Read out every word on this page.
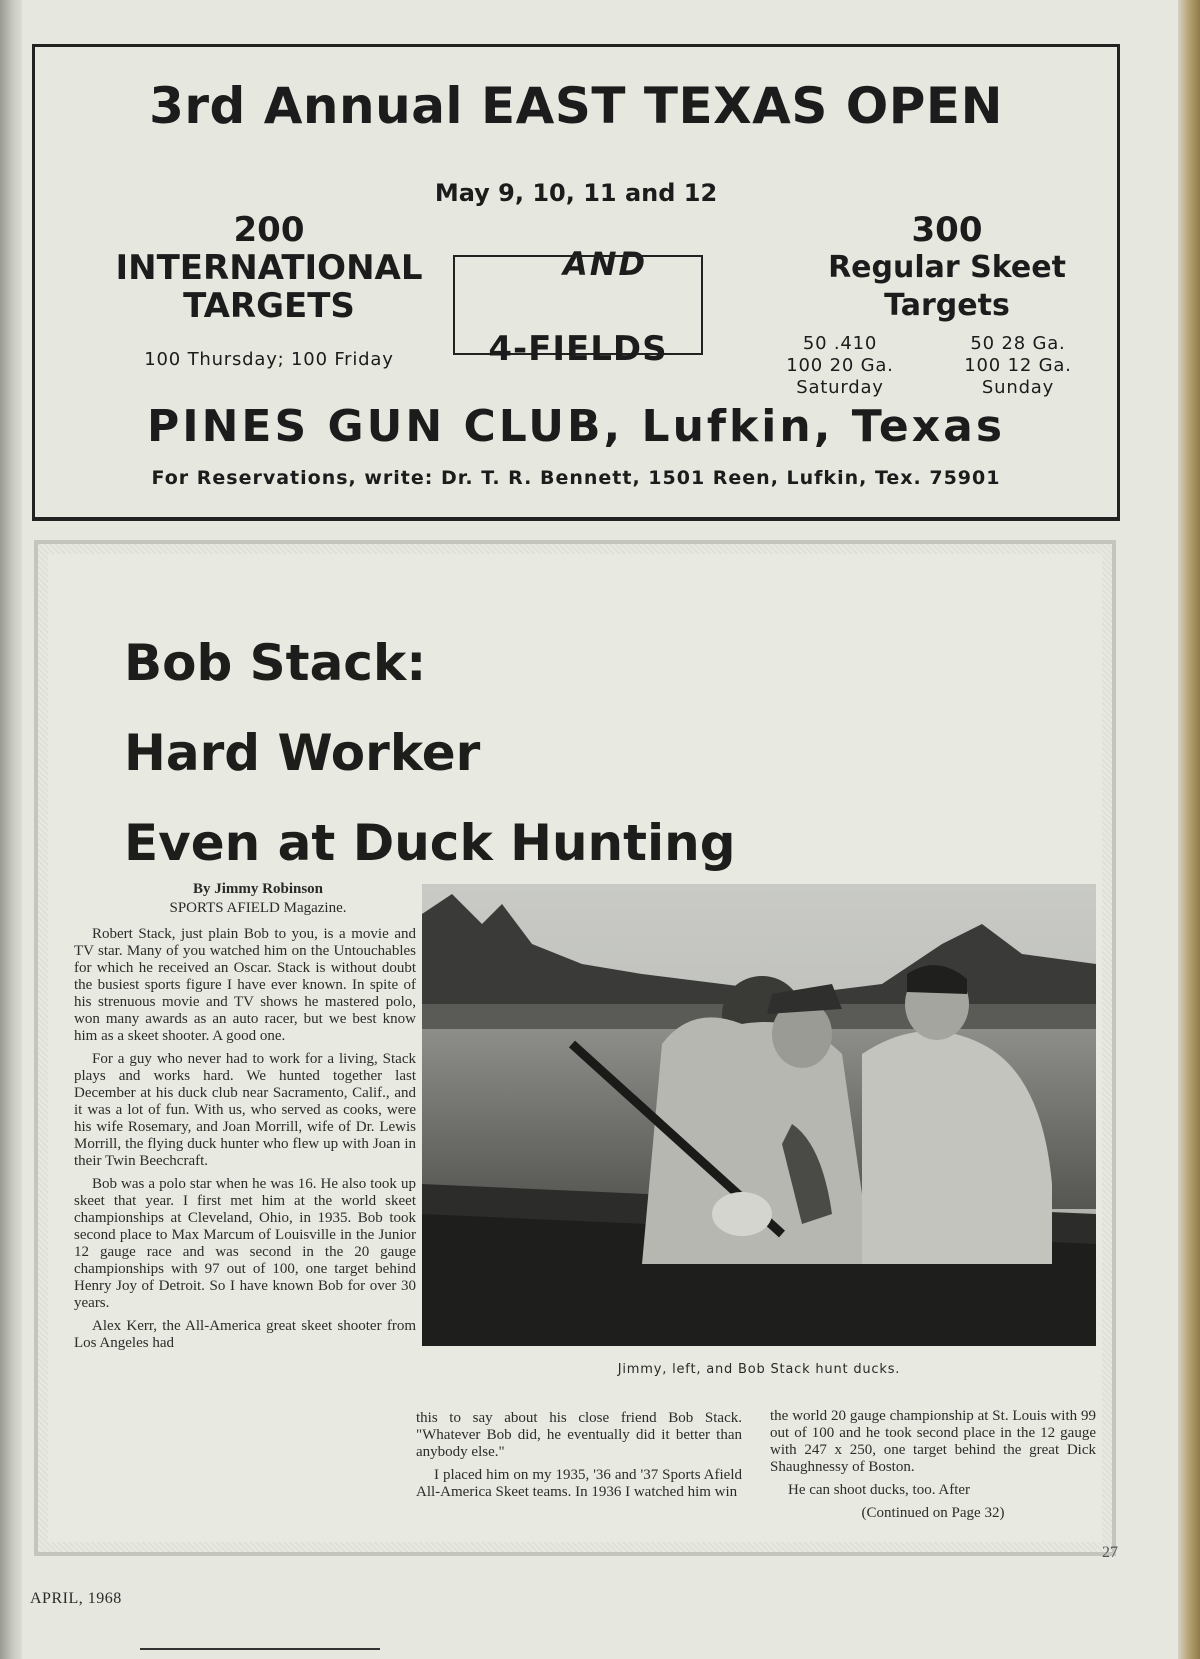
3rd Annual EAST TEXAS OPEN
May 9, 10, 11 and 12
200
INTERNATIONAL
TARGETS
100 Thursday; 100 Friday
AND
4-FIELDS
300
Regular Skeet
Targets
50 .410
100 20 Ga.
Saturday
50 28 Ga.
100 12 Ga.
Sunday
PINES GUN CLUB, Lufkin, Texas
For Reservations, write: Dr. T. R. Bennett, 1501 Reen, Lufkin, Tex. 75901
Bob Stack:
Hard Worker
Even at Duck Hunting
By Jimmy Robinson
SPORTS AFIELD Magazine.

Robert Stack, just plain Bob to you, is a movie and TV star. Many of you watched him on the Untouchables for which he received an Oscar. Stack is without doubt the busiest sports figure I have ever known. In spite of his strenuous movie and TV shows he mastered polo, won many awards as an auto racer, but we best know him as a skeet shooter. A good one.

For a guy who never had to work for a living, Stack plays and works hard. We hunted together last December at his duck club near Sacramento, Calif., and it was a lot of fun. With us, who served as cooks, were his wife Rosemary, and Joan Morrill, wife of Dr. Lewis Morrill, the flying duck hunter who flew up with Joan in their Twin Beechcraft.

Bob was a polo star when he was 16. He also took up skeet that year. I first met him at the world skeet championships at Cleveland, Ohio, in 1935. Bob took second place to Max Marcum of Louisville in the Junior 12 gauge race and was second in the 20 gauge championships with 97 out of 100, one target behind Henry Joy of Detroit. So I have known Bob for over 30 years.

Alex Kerr, the All-America great skeet shooter from Los Angeles had

Jimmy, left, and Bob Stack hunt ducks.

this to say about his close friend Bob Stack. "Whatever Bob did, he eventually did it better than anybody else."

I placed him on my 1935, '36 and '37 Sports Afield All-America Skeet teams. In 1936 I watched him win

the world 20 gauge championship at St. Louis with 99 out of 100 and he took second place in the 12 gauge with 247 x 250, one target behind the great Dick Shaughnessy of Boston.

He can shoot ducks, too. After

(Continued on Page 32)

APRIL, 1968
27
